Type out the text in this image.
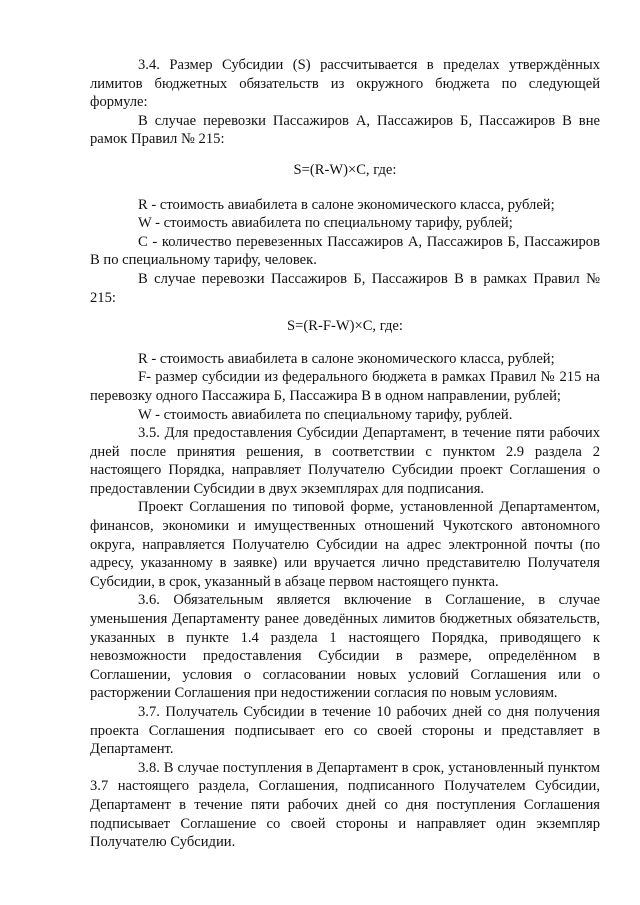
3.4. Размер Субсидии (S) рассчитывается в пределах утверждённых лимитов бюджетных обязательств из окружного бюджета по следующей формуле:

В случае перевозки Пассажиров А, Пассажиров Б, Пассажиров В вне рамок Правил № 215:

S=(R-W)×C, где:

R - стоимость авиабилета в салоне экономического класса, рублей;

W - стоимость авиабилета по специальному тарифу, рублей;

С - количество перевезенных Пассажиров А, Пассажиров Б, Пассажиров В по специальному тарифу, человек.

В случае перевозки Пассажиров Б, Пассажиров В в рамках Правил № 215:

S=(R-F-W)×C, где:

R - стоимость авиабилета в салоне экономического класса, рублей;

F- размер субсидии из федерального бюджета в рамках Правил № 215 на перевозку одного Пассажира Б, Пассажира В в одном направлении, рублей;

W - стоимость авиабилета по специальному тарифу, рублей.

3.5. Для предоставления Субсидии Департамент, в течение пяти рабочих дней после принятия решения, в соответствии с пунктом 2.9 раздела 2 настоящего Порядка, направляет Получателю Субсидии проект Соглашения о предоставлении Субсидии в двух экземплярах для подписания.

Проект Соглашения по типовой форме, установленной Департаментом, финансов, экономики и имущественных отношений Чукотского автономного округа, направляется Получателю Субсидии на адрес электронной почты (по адресу, указанному в заявке) или вручается лично представителю Получателя Субсидии, в срок, указанный в абзаце первом настоящего пункта.

3.6. Обязательным является включение в Соглашение, в случае уменьшения Департаменту ранее доведённых лимитов бюджетных обязательств, указанных в пункте 1.4 раздела 1 настоящего Порядка, приводящего к невозможности предоставления Субсидии в размере, определённом в Соглашении, условия о согласовании новых условий Соглашения или о расторжении Соглашения при недостижении согласия по новым условиям.

3.7. Получатель Субсидии в течение 10 рабочих дней со дня получения проекта Соглашения подписывает его со своей стороны и представляет в Департамент.

3.8. В случае поступления в Департамент в срок, установленный пунктом 3.7 настоящего раздела, Соглашения, подписанного Получателем Субсидии, Департамент в течение пяти рабочих дней со дня поступления Соглашения подписывает Соглашение со своей стороны и направляет один экземпляр Получателю Субсидии.
